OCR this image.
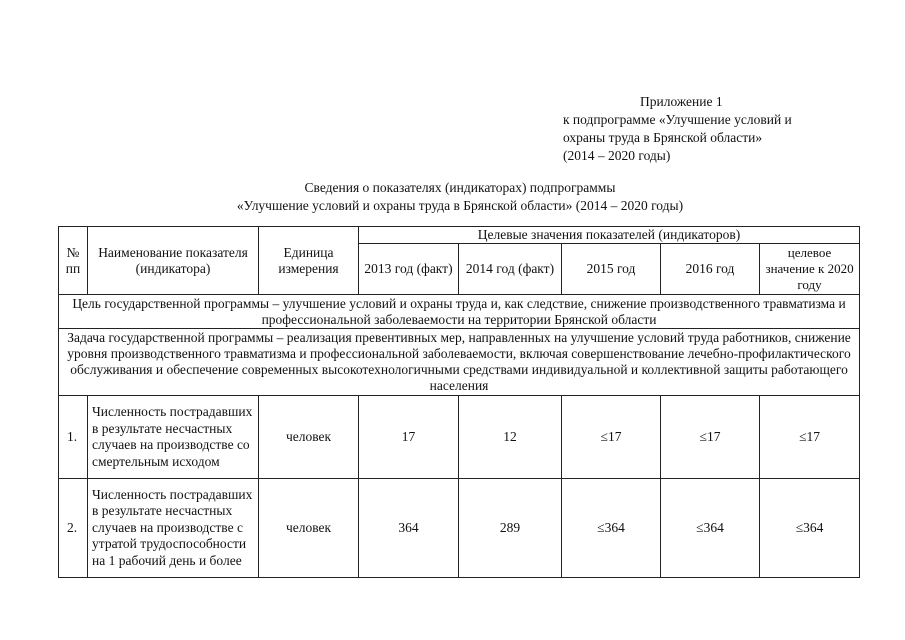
Приложение 1
к подпрограмме «Улучшение условий и
охраны труда в Брянской области»
(2014 – 2020 годы)
Сведения о показателях (индикаторах) подпрограммы
«Улучшение условий и охраны труда в Брянской области» (2014 – 2020 годы)
№ пп	Наименование показателя (индикатора)	Единица измерения	Целевые значения показателей (индикаторов)				
			2013 год (факт)	2014 год (факт)	2015 год	2016 год	целевое значение к 2020 году
Цель государственной программы – улучшение условий и охраны труда и, как следствие, снижение производственного травматизма и профессиональной заболеваемости на территории Брянской области							
Задача государственной программы – реализация превентивных мер, направленных на улучшение условий труда работников, снижение уровня производственного травматизма и профессиональной заболеваемости, включая совершенствование лечебно-профилактического обслуживания и обеспечение современных высокотехнологичными средствами индивидуальной и коллективной защиты работающего населения							
1.	Численность пострадавших в результате несчастных случаев на производстве со смертельным исходом	человек	17	12	≤17	≤17	≤17
2.	Численность пострадавших в результате несчастных случаев на производстве с утратой трудоспособности на 1 рабочий день и более	человек	364	289	≤364	≤364	≤364
